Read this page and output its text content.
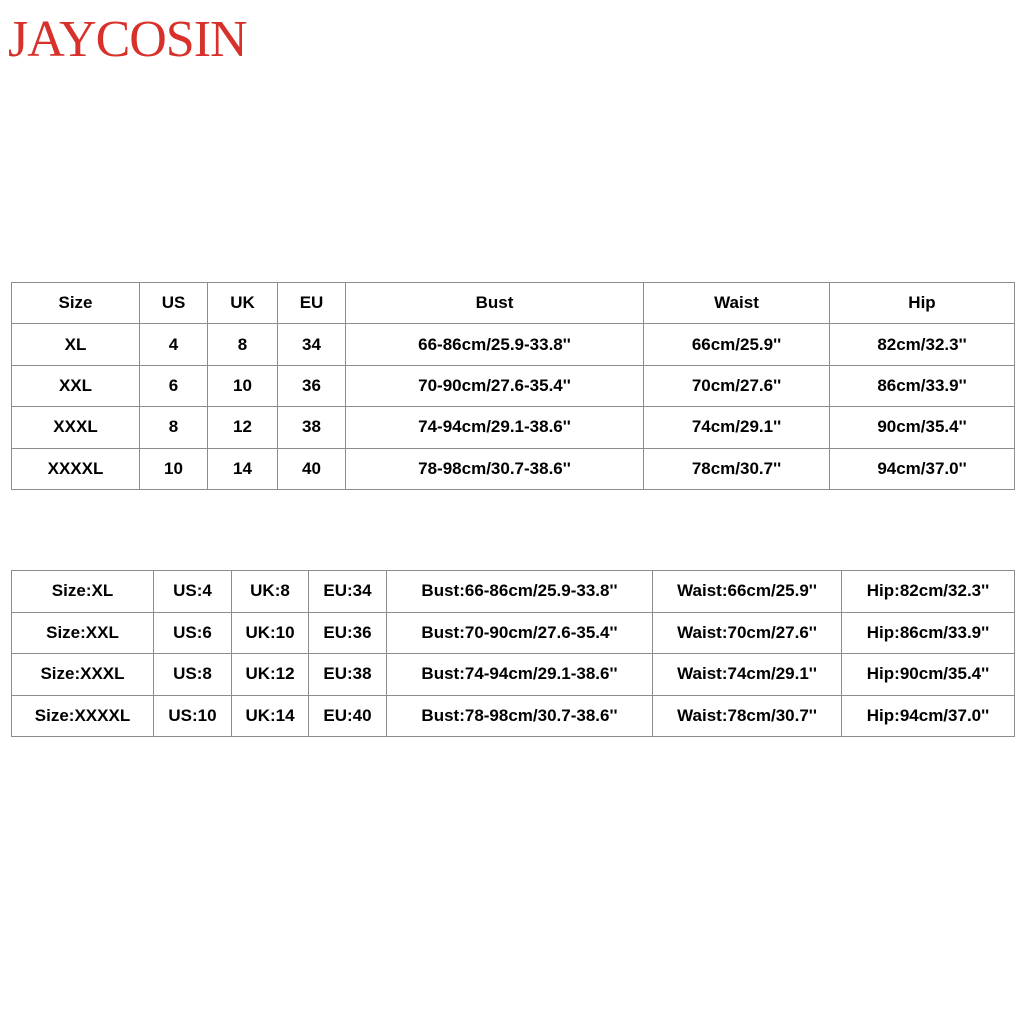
JAYCOSIN
Size	US	UK	EU	Bust	Waist	Hip
XL	4	8	34	66-86cm/25.9-33.8''	66cm/25.9''	82cm/32.3''
XXL	6	10	36	70-90cm/27.6-35.4''	70cm/27.6''	86cm/33.9''
XXXL	8	12	38	74-94cm/29.1-38.6''	74cm/29.1''	90cm/35.4''
XXXXL	10	14	40	78-98cm/30.7-38.6''	78cm/30.7''	94cm/37.0''
Size:XL	US:4	UK:8	EU:34	Bust:66-86cm/25.9-33.8''	Waist:66cm/25.9''	Hip:82cm/32.3''
Size:XXL	US:6	UK:10	EU:36	Bust:70-90cm/27.6-35.4''	Waist:70cm/27.6''	Hip:86cm/33.9''
Size:XXXL	US:8	UK:12	EU:38	Bust:74-94cm/29.1-38.6''	Waist:74cm/29.1''	Hip:90cm/35.4''
Size:XXXXL	US:10	UK:14	EU:40	Bust:78-98cm/30.7-38.6''	Waist:78cm/30.7''	Hip:94cm/37.0''
